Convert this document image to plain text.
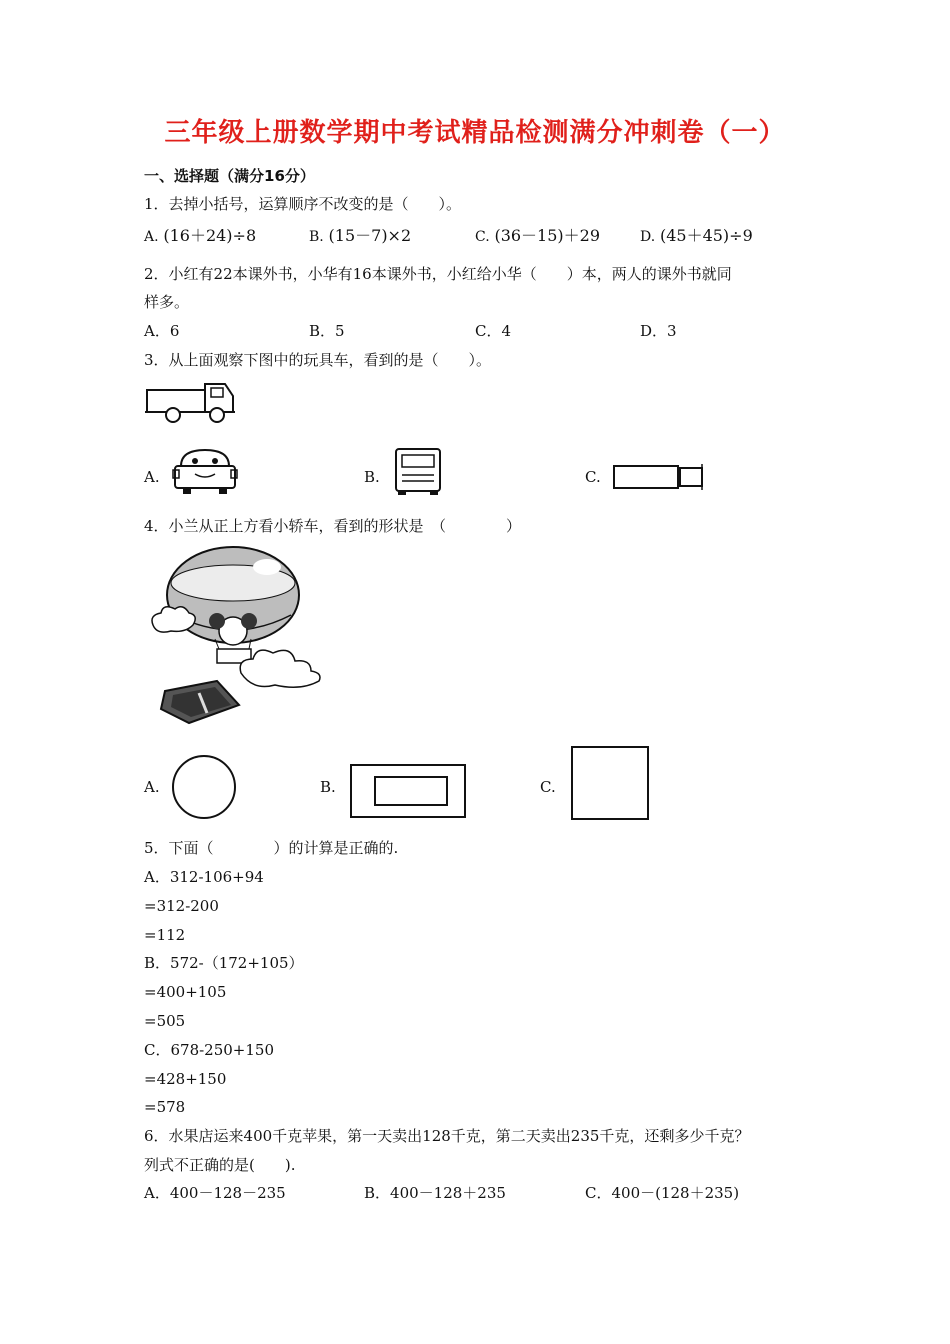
三年级上册数学期中考试精品检测满分冲刺卷（一）
一、选择题（满分16分）
1．去掉小括号，运算顺序不改变的是（　　）。
A. (16＋24)÷8	B. (15－7)×2	C. (36－15)＋29	D. (45＋45)÷9
2．小红有22本课外书，小华有16本课外书，小红给小华（　　）本，两人的课外书就同
样多。
A．6	B．5	C．4	D．3
3．从上面观察下图中的玩具车，看到的是（　　）。
A.	B.	C.
4．小兰从正上方看小轿车，看到的形状是　（　　　　）
A.	B.	C.
5．下面（　　　　）的计算是正确的.
A．312-106+94
=312-200
=112
B．572-（172+105）
=400+105
=505
C．678-250+150
=428+150
=578
6．水果店运来400千克苹果，第一天卖出128千克，第二天卖出235千克，还剩多少千克？
列式不正确的是(　　).
A．400－128－235	B．400－128＋235	C．400－(128＋235)
